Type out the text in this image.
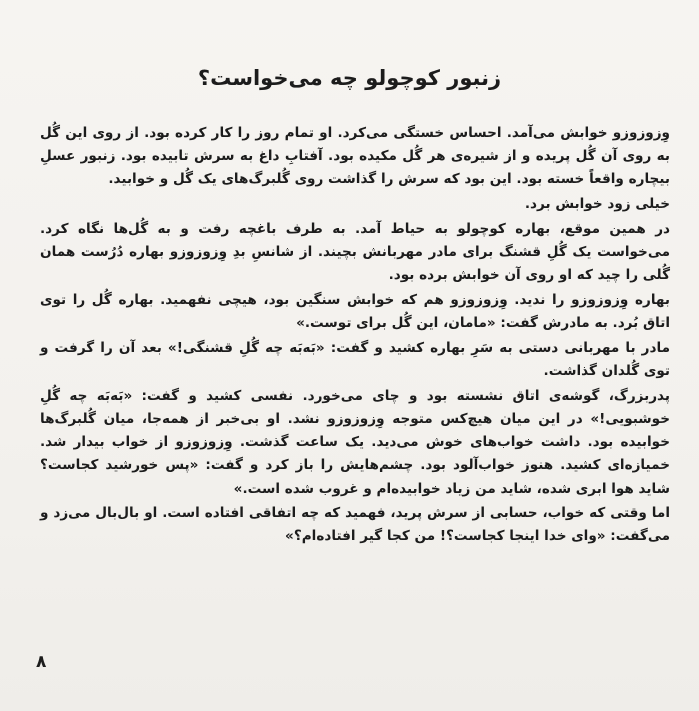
زنبور کوچولو چه می‌خواست؟

وِزوزوزو خوابش می‌آمد. احساس خستگی می‌کرد. او تمام روز را کار کرده بود. از روی این گُل به روی آن گُل پریده و از شیره‌ی هر گُل مکیده بود. آفتابِ داغ به سرش تابیده بود. زنبور عسلِ بیچاره واقعاً خسته بود. این بود که سرش را گذاشت روی گُلبرگ‌های یک گُل و خوابید.

خیلی زود خوابش برد.

در همین موقع، بهاره کوچولو به حیاط آمد. به طرف باغچه رفت و به گُل‌ها نگاه کرد. می‌خواست یک گُلِ قشنگ برای مادر مهربانش بچیند. از شانسِ بدِ وِزوزوزو بهاره دُرُست همان گُلی را چید که او روی آن خوابش برده بود.

بهاره وِزوزوزو را ندید. وِزوزوزو هم که خوابش سنگین بود، هیچی نفهمید. بهاره گُل را توی اتاق بُرد. به مادرش گفت: «مامان، این گُل برای توست.»

مادر با مهربانی دستی به سَرِ بهاره کشید و گفت: «بَه‌بَه چه گُلِ قشنگی!» بعد آن را گرفت و توی گُلدان گذاشت.

پدربزرگ، گوشه‌ی اتاق نشسته بود و چای می‌خورد. نفسی کشید و گفت: «بَه‌بَه چه گُلِ خوشبویی!» در این میان هیچ‌کس متوجه وِزوزوزو نشد. او بی‌خبر از همه‌جا، میان گُلبرگ‌ها خوابیده بود. داشت خواب‌های خوش می‌دید. یک ساعت گذشت. وِزوزوزو از خواب بیدار شد. خمیازه‌ای کشید. هنوز خواب‌آلود بود. چشم‌هایش را باز کرد و گفت: «پس خورشید کجاست؟ شاید هوا ابری شده، شاید من زیاد خوابیده‌ام و غروب شده است.»

اما وقتی که خواب، حسابی از سرش پرید، فهمید که چه اتفاقی افتاده است. او بال‌بال می‌زد و می‌گفت: «وای خدا اینجا کجاست؟! من کجا گیر افتاده‌ام؟»

۸
